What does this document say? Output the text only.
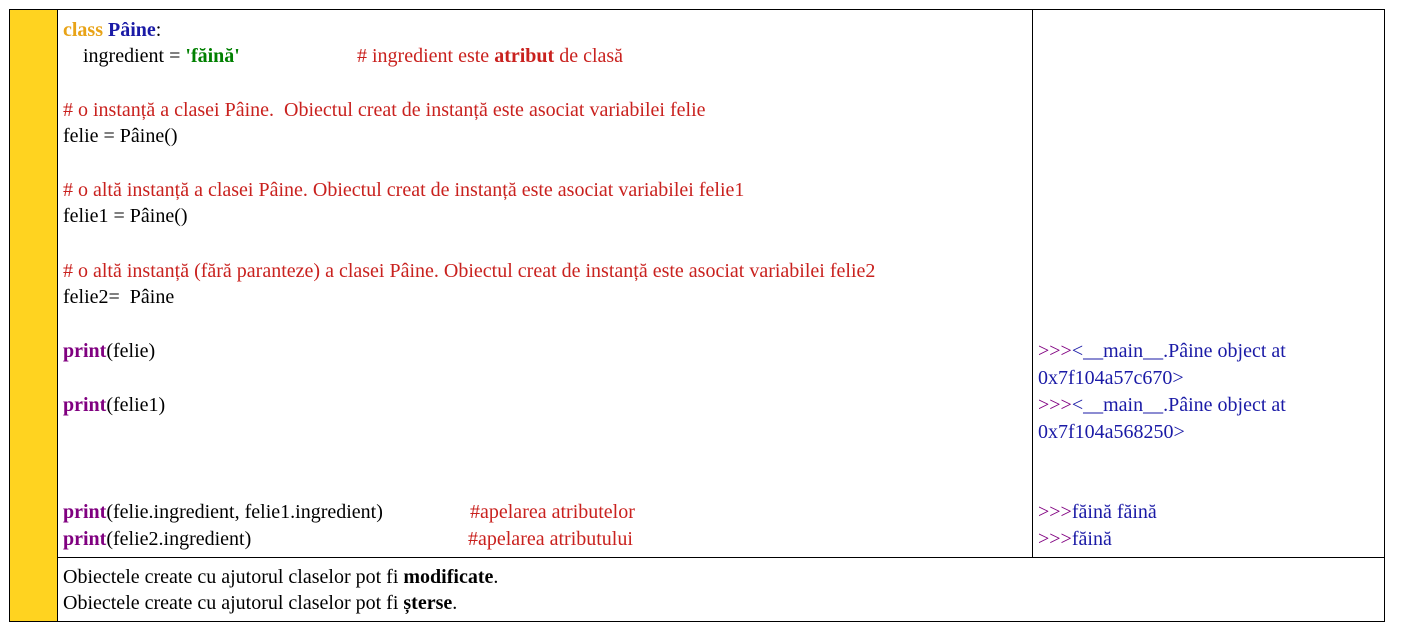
class Pâine:
ingredient = 'făină'	# ingredient este atribut de clasă
# o instanță a clasei Pâine.  Obiectul creat de instanță este asociat variabilei felie
felie = Pâine()
# o altă instanță a clasei Pâine. Obiectul creat de instanță este asociat variabilei felie1
felie1 = Pâine()
# o altă instanță (fără paranteze) a clasei Pâine. Obiectul creat de instanță este asociat variabilei felie2
felie2=  Pâine
print(felie)
print(felie1)
print(felie.ingredient, felie1.ingredient)	#apelarea atributelor
print(felie2.ingredient)	#apelarea atributului
>>><__main__.Pâine object at
0x7f104a57c670>
>>><__main__.Pâine object at
0x7f104a568250>
>>>făină făină
>>>făină
Obiectele create cu ajutorul claselor pot fi modificate.
Obiectele create cu ajutorul claselor pot fi șterse.
